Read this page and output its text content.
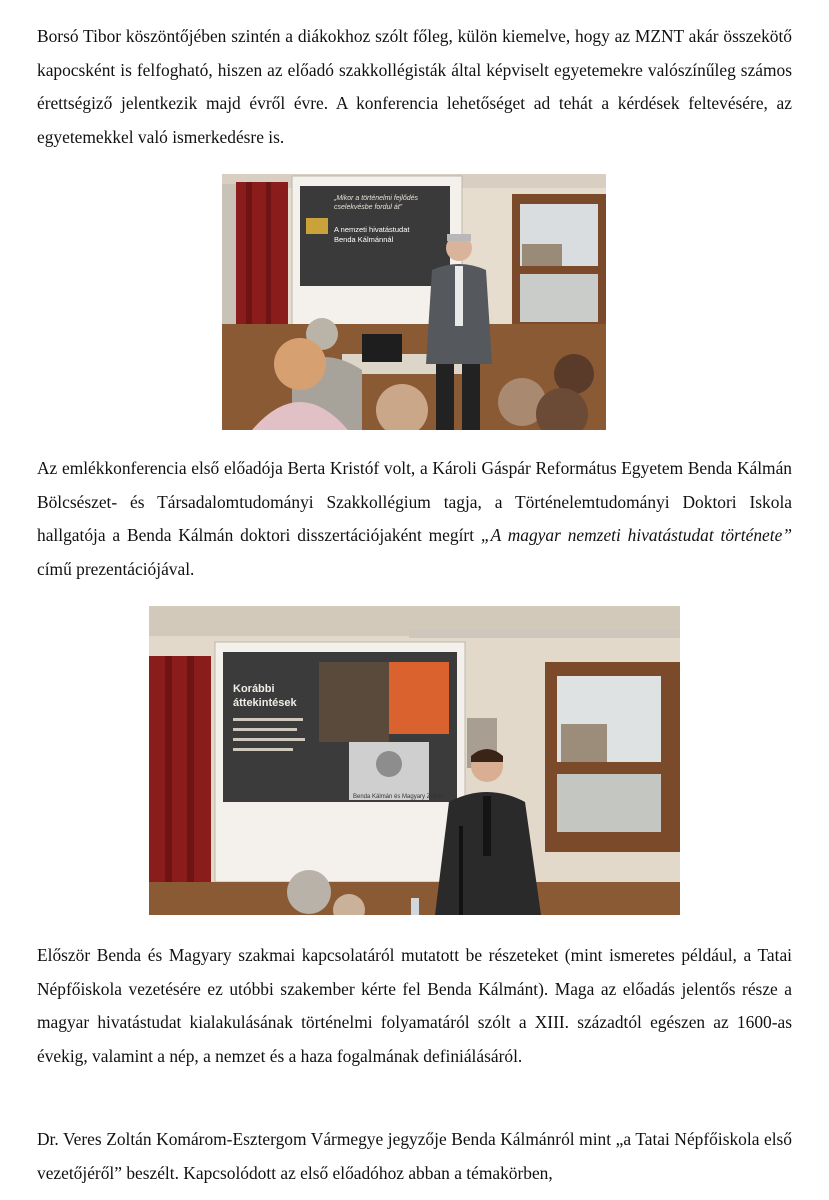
Borsó Tibor köszöntőjében szintén a diákokhoz szólt főleg, külön kiemelve, hogy az MZNT akár összekötő kapocsként is felfogható, hiszen az előadó szakkollégisták által képviselt egyetemekre valószínűleg számos érettségiző jelentkezik majd évről évre. A konferencia lehetőséget ad tehát a kérdések feltevésére, az egyetemekkel való ismerkedésre is.

„Mikor a történelmi fejlődés
cselekvésbe fordul át”
A nemzeti hivatástudat
Benda Kálmánnál

Az emlékkonferencia első előadója Berta Kristóf volt, a Károli Gáspár Református Egyetem Benda Kálmán Bölcsészet- és Társadalomtudományi Szakkollégium tagja, a Történelemtudományi Doktori Iskola hallgatója a Benda Kálmán doktori disszertációjaként megírt „A magyar nemzeti hivatástudat története” című prezentációjával.

Korábbi
áttekintések
Benda Kálmán és Magyary Zoltán

Először Benda és Magyary szakmai kapcsolatáról mutatott be részeteket (mint ismeretes például, a Tatai Népfőiskola vezetésére ez utóbbi szakember kérte fel Benda Kálmánt). Maga az előadás jelentős része a magyar hivatástudat kialakulásának történelmi folyamatáról szólt a XIII. századtól egészen az 1600-as évekig, valamint a nép, a nemzet és a haza fogalmának definiálásáról.

Dr. Veres Zoltán Komárom-Esztergom Vármegye jegyzője Benda Kálmánról mint „a Tatai Népfőiskola első vezetőjéről” beszélt. Kapcsolódott az első előadóhoz abban a témakörben,
